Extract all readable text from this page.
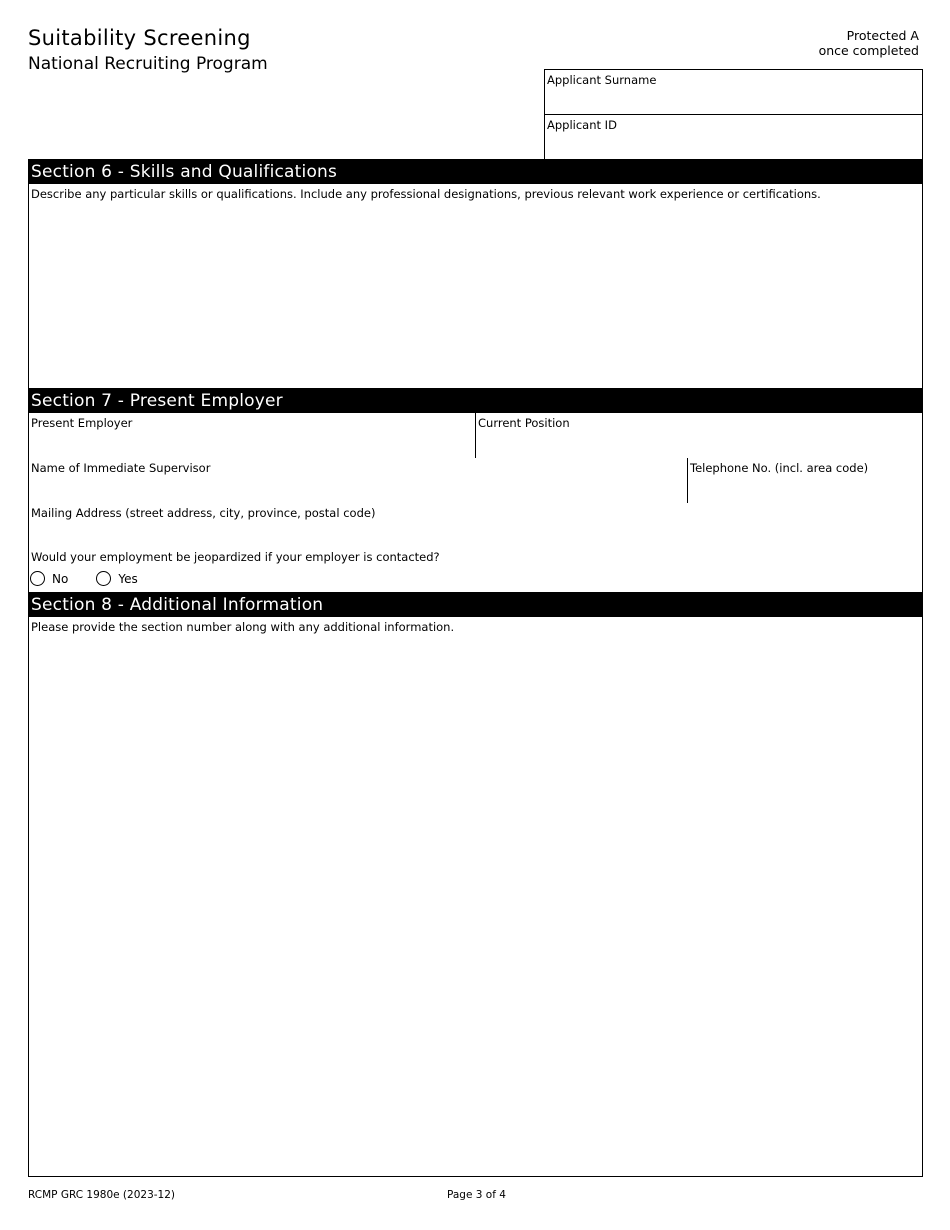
Suitability Screening
National Recruiting Program
Protected A
once completed
Applicant Surname
Applicant ID
Section 6 - Skills and Qualifications
Describe any particular skills or qualifications. Include any professional designations, previous relevant work experience or certifications.
Section 7 - Present Employer
Present Employer	Current Position
Name of Immediate Supervisor	Telephone No. (incl. area code)
Mailing Address (street address, city, province, postal code)
Would your employment be jeopardized if your employer is contacted?
No	Yes
Section 8 - Additional Information
Please provide the section number along with any additional information.
RCMP GRC 1980e (2023-12)	Page 3 of 4
